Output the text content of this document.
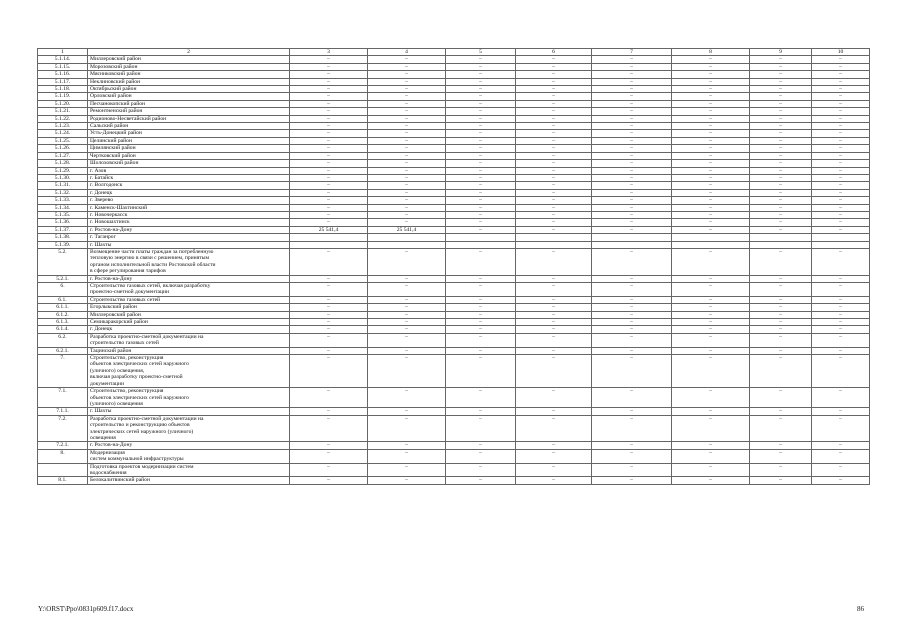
1	2	3	4	5	6	7	8	9	10
5.1.14.	Миллеровский район	–	–	–	–	–	–	–	–
5.1.15.	Морозовский район	–	–	–	–	–	–	–	–
5.1.16.	Мясниковский район	–	–	–	–	–	–	–	–
5.1.17.	Неклиновский район	–	–	–	–	–	–	–	–
5.1.18.	Октябрьский район	–	–	–	–	–	–	–	–
5.1.19.	Орловский район	–	–	–	–	–	–	–	–
5.1.20.	Песчанокопский район	–	–	–	–	–	–	–	–
5.1.21.	Ремонтненский район	–	–	–	–	–	–	–	–
5.1.22.	Родионово-Несветайский район	–	–	–	–	–	–	–	–
5.1.23.	Сальский район	–	–	–	–	–	–	–	–
5.1.24.	Усть-Донецкий район	–	–	–	–	–	–	–	–
5.1.25.	Целинский район	–	–	–	–	–	–	–	–
5.1.26.	Цимлянский район	–	–	–	–	–	–	–	–
5.1.27.	Чертковский район	–	–	–	–	–	–	–	–
5.1.28.	Шолоховский район	–	–	–	–	–	–	–	–
5.1.29.	г. Азов	–	–	–	–	–	–	–	–
5.1.30.	г. Батайск	–	–	–	–	–	–	–	–
5.1.31.	г. Волгодонск	–	–	–	–	–	–	–	–
5.1.32.	г. Донецк	–	–	–	–	–	–	–	–
5.1.33.	г. Зверево	–	–	–	–	–	–	–	–
5.1.34.	г. Каменск-Шахтинский	–	–	–	–	–	–	–	–
5.1.35.	г. Новочеркасск	–	–	–	–	–	–	–	–
5.1.36.	г. Новошахтинск	–	–	–	–	–	–	–	–
5.1.37.	г. Ростов-на-Дону	25 541,4	25 541,4	–	–	–	–	–	–
5.1.38.	г. Таганрог								
5.1.39.	г. Шахты								
5.2.	Возмещение части платы граждан за потребленную
тепловую энергию в связи с решением, принятым
органом исполнительной власти Ростовской области
в сфере регулирования тарифов	–	–	–	–	–	–	–	–
5.2.1.	г. Ростов-на-Дону	–	–	–	–	–	–	–	–
6.	Строительство газовых сетей, включая разработку
проектно-сметной документации	–	–	–	–	–	–	–	–
6.1.	Строительство газовых сетей	–	–	–	–	–	–	–	–
6.1.1.	Егорлыкский район	–	–	–	–	–	–	–	–
6.1.2.	Миллеровский район	–	–	–	–	–	–	–	–
6.1.3.	Семикаракорский район	–	–	–	–	–	–	–	–
6.1.4.	г. Донецк	–	–	–	–	–	–	–	–
6.2.	Разработка проектно-сметной документации на
строительство газовых сетей	–	–	–	–	–	–	–	–
6.2.1.	Тацинский район	–	–	–	–	–	–	–	–
7.	Строительство, реконструкция
объектов электрических сетей наружного
(уличного) освещения,
включая разработку проектно-сметной
документации	–	–	–	–	–	–	–	–
7.1.	Строительство, реконструкция
объектов электрических сетей наружного
(уличного) освещения	–	–	–	–	–	–	–	–
7.1.1.	г. Шахты	–	–	–	–	–	–	–	–
7.2.	Разработка проектно-сметной документации на
строительство и реконструкцию объектов
электрических сетей наружного (уличного)
освещения	–	–	–	–	–	–	–	–
7.2.1.	г. Ростов-на-Дону	–	–	–	–	–	–	–	–
8.	Модернизация
систем коммунальной инфраструктуры	–	–	–	–	–	–	–	–
	Подготовка проектов модернизации систем
водоснабжения	–	–	–	–	–	–	–	–
8.1.	Белокалитвинский район	–	–	–	–	–	–	–	–
Y:\ORST\Ppo\0831p609.f17.docx	86
